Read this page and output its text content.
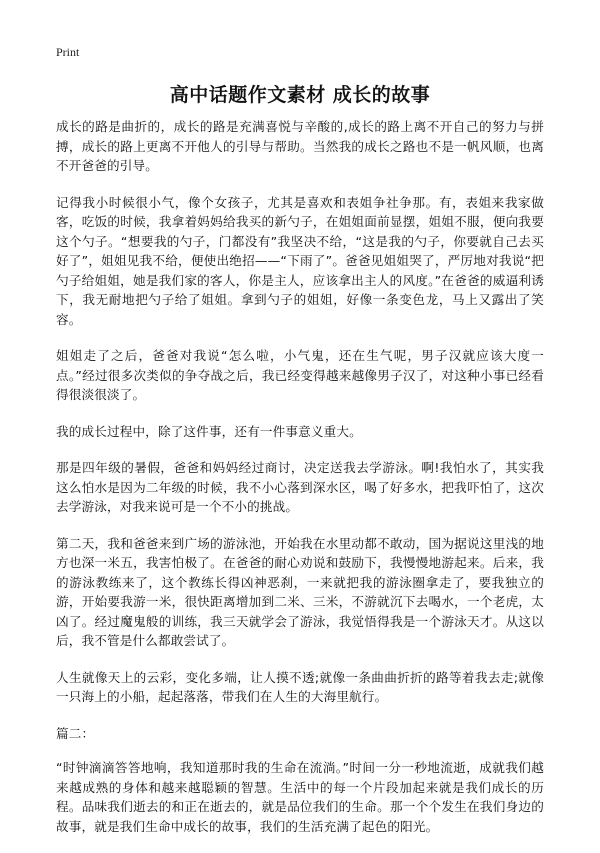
Print
高中话题作文素材 成长的故事

成长的路是曲折的，成长的路是充满喜悦与辛酸的,成长的路上离不开自己的努力与拼搏，成长的路上更离不开他人的引导与帮助。当然我的成长之路也不是一帆风顺，也离不开爸爸的引导。

记得我小时候很小气，像个女孩子，尤其是喜欢和表姐争社争那。有，表姐来我家做客，吃饭的时候，我拿着妈妈给我买的新勺子，在姐姐面前显摆，姐姐不服，便向我要这个勺子。“想要我的勺子，门都没有”我坚决不给，“这是我的勺子，你要就自己去买好了”，姐姐见我不给，便使出绝招——“下雨了”。爸爸见姐姐哭了，严厉地对我说“把勺子给姐姐，她是我们家的客人，你是主人，应该拿出主人的风度。”在爸爸的威逼利诱下，我无耐地把勺子给了姐姐。拿到勺子的姐姐，好像一条变色龙，马上又露出了笑容。

姐姐走了之后，爸爸对我说“怎么啦，小气鬼，还在生气呢，男子汉就应该大度一点。”经过很多次类似的争夺战之后，我已经变得越来越像男子汉了，对这种小事已经看得很淡很淡了。

我的成长过程中，除了这件事，还有一件事意义重大。

那是四年级的暑假，爸爸和妈妈经过商讨，决定送我去学游泳。啊!我怕水了，其实我这么怕水是因为二年级的时候，我不小心落到深水区，喝了好多水，把我吓怕了，这次去学游泳，对我来说可是一个不小的挑战。

第二天，我和爸爸来到广场的游泳池，开始我在水里动都不敢动，国为据说这里浅的地方也深一米五，我害怕极了。在爸爸的耐心劝说和鼓励下，我慢慢地游起来。后来，我的游泳教练来了，这个教练长得凶神恶刹，一来就把我的游泳圈拿走了，要我独立的游，开始要我游一米，很快距离增加到二米、三米，不游就沉下去喝水，一个老虎，太凶了。经过魔鬼般的训练，我三天就学会了游泳，我觉悟得我是一个游泳天才。从这以后，我不管是什么都敢尝试了。

人生就像天上的云彩，变化多端，让人摸不透;就像一条曲曲折折的路等着我去走;就像一只海上的小船，起起落落，带我们在人生的大海里航行。

篇二：

“时钟滴滴答答地响，我知道那时我的生命在流淌。”时间一分一秒地流逝，成就我们越来越成熟的身体和越来越聪颖的智慧。生活中的每一个片段加起来就是我们成长的历程。品味我们逝去的和正在逝去的，就是品位我们的生命。那一个个发生在我们身边的故事，就是我们生命中成长的故事，我们的生活充满了起色的阳光。
